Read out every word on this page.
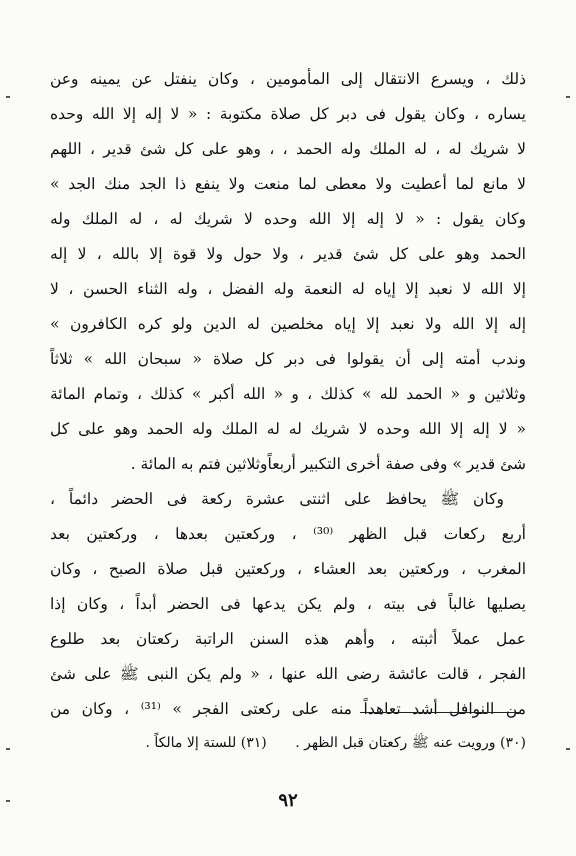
ذلك ، ويسرع الانتقال إلى المأمومين ، وكان ينفتل عن يمينه وعن
يساره ، وكان يقول فى دبر كل صلاة مكتوبة : « لا إله إلا الله وحده
لا شريك له ، له الملك وله الحمد ، ، وهو على كل شئ قدير ، اللهم
لا مانع لما أعطيت ولا معطى لما منعت ولا ينفع ذا الجد منك الجد »
وكان يقول : « لا إله إلا الله وحده لا شريك له ، له الملك وله
الحمد وهو على كل شئ قدير ، ولا حول ولا قوة إلا بالله ، لا إله
إلا الله لا نعبد إلا إياه له النعمة وله الفضل ، وله الثناء الحسن ، لا
إله إلا الله ولا نعبد إلا إياه مخلصين له الدين ولو كره الكافرون »
وندب أمته إلى أن يقولوا فى دبر كل صلاة « سبحان الله » ثلاثاً
وثلاثين و « الحمد لله » كذلك ، و « الله أكبر » كذلك ، وتمام المائة
« لا إله إلا الله وحده لا شريك له له الملك وله الحمد وهو على كل
شئ قدير » وفى صفة أخرى التكبير أربعاًوثلاثين فتم به المائة .
وكان ﷺ يحافظ على اثنتى عشرة ركعة فى الحضر دائماً ،
أربع ركعات قبل الظهر ⁽³⁰⁾ ، وركعتين بعدها ، وركعتين بعد
المغرب ، وركعتين بعد العشاء ، وركعتين قبل صلاة الصبح ، وكان
يصليها غالباً فى بيته ، ولم يكن يدعها فى الحضر أبداً ، وكان إذا
عمل عملاً أثبته ، وأهم هذه السنن الراتبة ركعتان بعد طلوع
الفجر ، قالت عائشة رضى الله عنها ، « ولم يكن النبى ﷺ على شئ
من النوافل أشد تعاهداً منه على ركعتى الفجر » ⁽³¹⁾ ، وكان من
(٣٠) ورويت عنه ﷺ ركعتان قبل الظهر . (٣١) للستة إلا مالكاً .
٩٢
